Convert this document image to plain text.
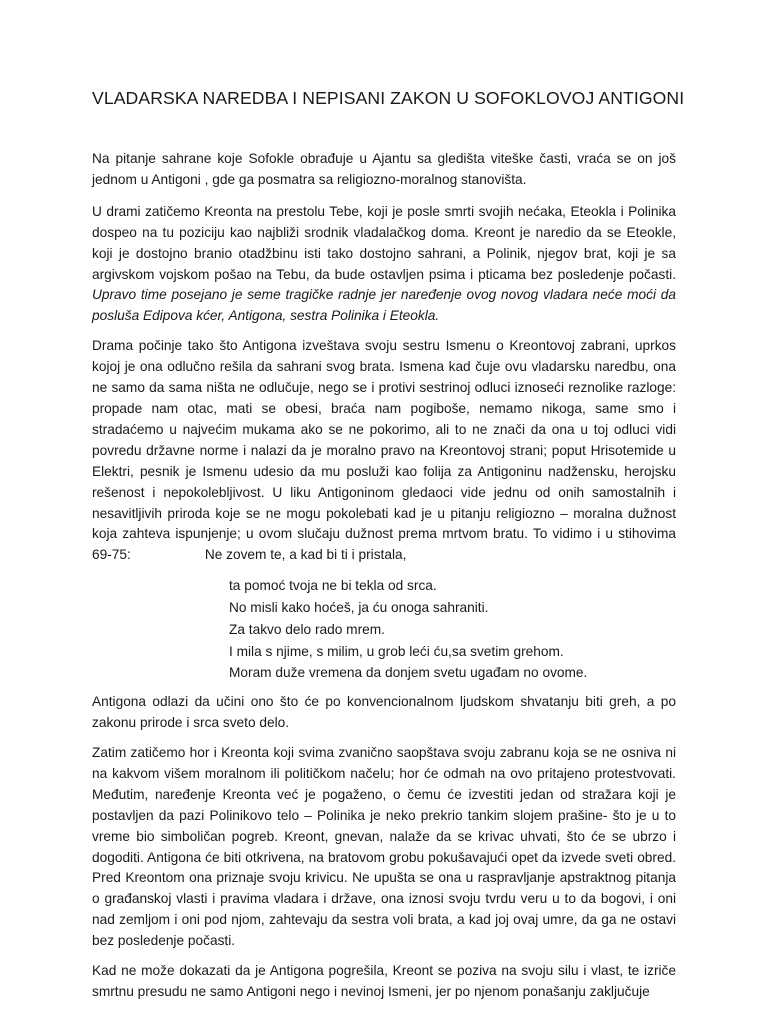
VLADARSKA NAREDBA I NEPISANI ZAKON U SOFOKLOVOJ ANTIGONI

Na pitanje sahrane koje Sofokle obrađuje u Ajantu sa gledišta viteške časti, vraća se on još jednom u Antigoni , gde ga posmatra sa religiozno-moralnog stanovišta.

U drami zatičemo Kreonta na prestolu Tebe, koji je posle smrti svojih nećaka, Eteokla i Polinika dospeo na tu poziciju kao najbliži srodnik vladalačkog doma. Kreont je naredio da se Eteokle, koji je dostojno branio otadžbinu isti tako dostojno sahrani, a Polinik, njegov brat, koji je sa argivskom vojskom pošao na Tebu, da bude ostavljen psima i pticama bez posledenje počasti. Upravo time posejano je seme tragičke radnje jer naređenje ovog novog vladara neće moći da posluša Edipova kćer, Antigona, sestra Polinika i Eteokla.

Drama počinje tako što Antigona izveštava svoju sestru Ismenu o Kreontovoj zabrani, uprkos kojoj je ona odlučno rešila da sahrani svog brata. Ismena kad čuje ovu vladarsku naredbu, ona ne samo da sama ništa ne odlučuje, nego se i protivi sestrinoj odluci iznoseći reznolike razloge: propade nam otac, mati se obesi, braća nam pogiboše, nemamo nikoga, same smo i stradaćemo u najvećim mukama ako se ne pokorimo, ali to ne znači da ona u toj odluci vidi povredu državne norme i nalazi da je moralno pravo na Kreontovoj strani; poput Hrisotemide u Elektri, pesnik je Ismenu udesio da mu posluži kao folija za Antigoninu nadžensku, herojsku rešenost i nepokolebljivost. U liku Antigoninom gledaoci vide jednu od onih samostalnih i nesavitljivih priroda koje se ne mogu pokolebati kad je u pitanju religiozno – moralna dužnost koja zahteva ispunjenje; u ovom slučaju dužnost prema mrtvom bratu. To vidimo i u stihovima 69-75:	Ne zovem te, a kad bi ti i pristala,

ta pomoć tvoja ne bi tekla od srca.
No misli kako hoćeš, ja ću onoga sahraniti.
Za takvo delo rado mrem.
I mila s njime, s milim, u grob leći ću,sa svetim grehom.
Moram duže vremena da donjem svetu ugađam no ovome.

Antigona odlazi da učini ono što će po konvencionalnom ljudskom shvatanju biti greh, a po zakonu prirode i srca sveto delo.

Zatim zatičemo hor i Kreonta koji svima zvanično saopštava svoju zabranu koja se ne osniva ni na kakvom višem moralnom ili političkom načelu; hor će odmah na ovo pritajeno protestvovati. Međutim, naređenje Kreonta već je pogaženo, o čemu će izvestiti jedan od stražara koji je postavljen da pazi Polinikovo telo – Polinika je neko prekrio tankim slojem prašine- što je u to vreme bio simboličan pogreb. Kreont, gnevan, nalaže da se krivac uhvati, što će se ubrzo i dogoditi. Antigona će biti otkrivena, na bratovom grobu pokušavajući opet da izvede sveti obred. Pred Kreontom ona priznaje svoju krivicu. Ne upušta se ona u raspravljanje apstraktnog pitanja o građanskoj vlasti i pravima vladara i države, ona iznosi svoju tvrdu veru u to da bogovi, i oni nad zemljom i oni pod njom, zahtevaju da sestra voli brata, a kad joj ovaj umre, da ga ne ostavi bez posledenje počasti.

Kad ne može dokazati da je Antigona pogrešila, Kreont se poziva na svoju silu i vlast, te izriče smrtnu presudu ne samo Antigoni nego i nevinoj Ismeni, jer po njenom ponašanju zaključuje
